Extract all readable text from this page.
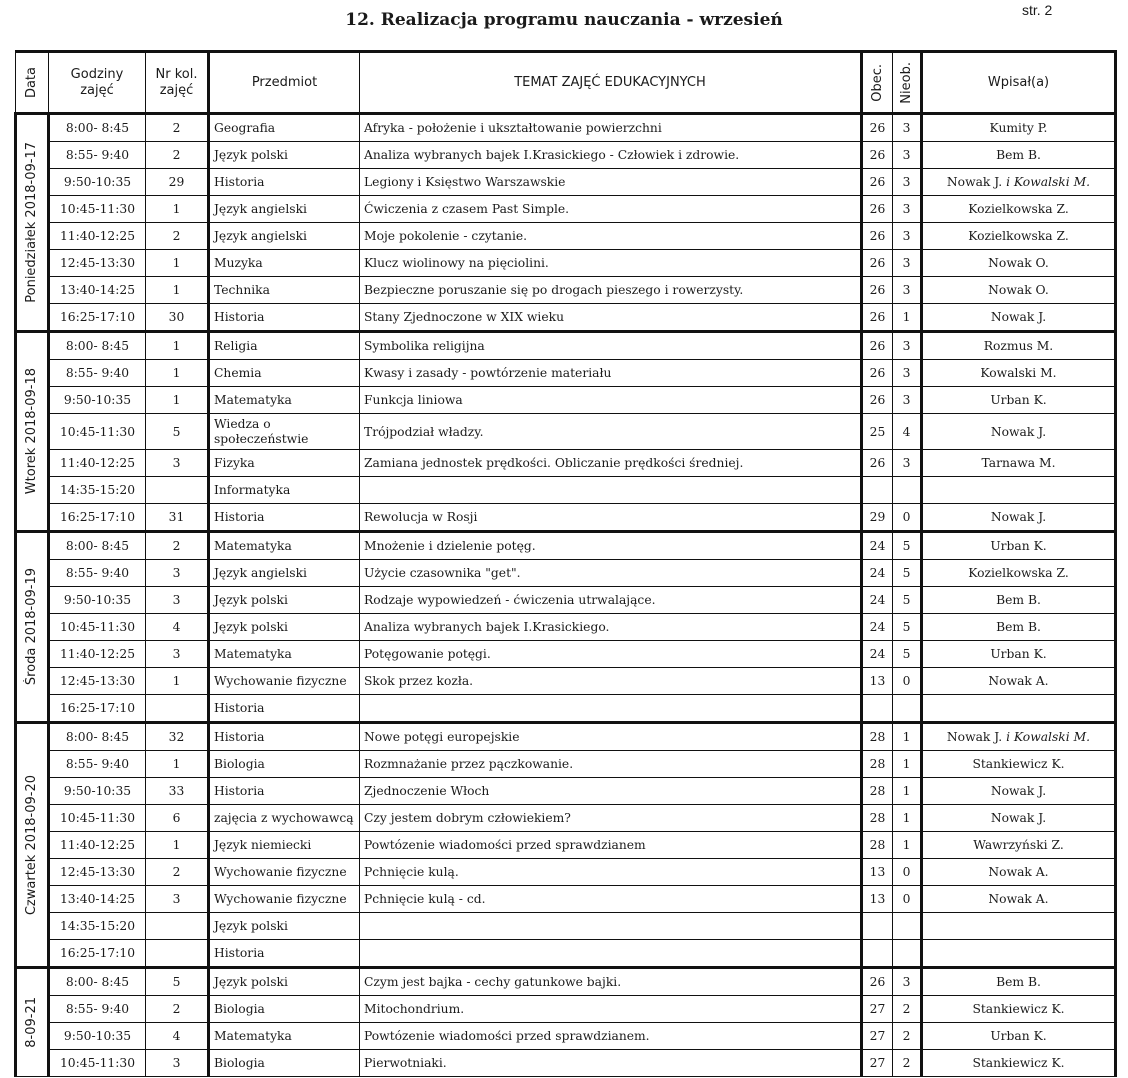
str. 2
12. Realizacja programu nauczania - wrzesień
Data	Godziny zajęć	Nr kol. zajęć	Przedmiot	TEMAT ZAJĘĆ EDUKACYJNYCH	Obec.	Nieob.	Wpisał(a)

Poniedziałek 2018-09-17	8:00- 8:45	2	Geografia	Afryka - położenie i ukształtowanie powierzchni	26	3	Kumity P.
	8:55- 9:40	2	Język polski	Analiza wybranych bajek I.Krasickiego - Człowiek i zdrowie.	26	3	Bem B.
	9:50-10:35	29	Historia	Legiony i Księstwo Warszawskie	26	3	Nowak J. i Kowalski M.
	10:45-11:30	1	Język angielski	Ćwiczenia z czasem Past Simple.	26	3	Kozielkowska Z.
	11:40-12:25	2	Język angielski	Moje pokolenie - czytanie.	26	3	Kozielkowska Z.
	12:45-13:30	1	Muzyka	Klucz wiolinowy na pięciolini.	26	3	Nowak O.
	13:40-14:25	1	Technika	Bezpieczne poruszanie się po drogach pieszego i rowerzysty.	26	3	Nowak O.
	16:25-17:10	30	Historia	Stany Zjednoczone w XIX wieku	26	1	Nowak J.

Wtorek 2018-09-18	8:00- 8:45	1	Religia	Symbolika religijna	26	3	Rozmus M.
	8:55- 9:40	1	Chemia	Kwasy i zasady - powtórzenie materiału	26	3	Kowalski M.
	9:50-10:35	1	Matematyka	Funkcja liniowa	26	3	Urban K.
	10:45-11:30	5	Wiedza o społeczeństwie	Trójpodział władzy.	25	4	Nowak J.
	11:40-12:25	3	Fizyka	Zamiana jednostek prędkości. Obliczanie prędkości średniej.	26	3	Tarnawa M.
	14:35-15:20		Informatyka				
	16:25-17:10	31	Historia	Rewolucja w Rosji	29	0	Nowak J.

Środa 2018-09-19	8:00- 8:45	2	Matematyka	Mnożenie i dzielenie potęg.	24	5	Urban K.
	8:55- 9:40	3	Język angielski	Użycie czasownika "get".	24	5	Kozielkowska Z.
	9:50-10:35	3	Język polski	Rodzaje wypowiedzeń - ćwiczenia utrwalające.	24	5	Bem B.
	10:45-11:30	4	Język polski	Analiza wybranych bajek I.Krasickiego.	24	5	Bem B.
	11:40-12:25	3	Matematyka	Potęgowanie potęgi.	24	5	Urban K.
	12:45-13:30	1	Wychowanie fizyczne	Skok przez kozła.	13	0	Nowak A.
	16:25-17:10		Historia				

Czwartek 2018-09-20	8:00- 8:45	32	Historia	Nowe potęgi europejskie	28	1	Nowak J. i Kowalski M.
	8:55- 9:40	1	Biologia	Rozmnażanie przez pączkowanie.	28	1	Stankiewicz K.
	9:50-10:35	33	Historia	Zjednoczenie Włoch	28	1	Nowak J.
	10:45-11:30	6	zajęcia z wychowawcą	Czy jestem dobrym człowiekiem?	28	1	Nowak J.
	11:40-12:25	1	Język niemiecki	Powtózenie wiadomości przed sprawdzianem	28	1	Wawrzyński Z.
	12:45-13:30	2	Wychowanie fizyczne	Pchnięcie kulą.	13	0	Nowak A.
	13:40-14:25	3	Wychowanie fizyczne	Pchnięcie kulą - cd.	13	0	Nowak A.
	14:35-15:20		Język polski				
	16:25-17:10		Historia				

8-09-21	8:00- 8:45	5	Język polski	Czym jest bajka - cechy gatunkowe bajki.	26	3	Bem B.
	8:55- 9:40	2	Biologia	Mitochondrium.	27	2	Stankiewicz K.
	9:50-10:35	4	Matematyka	Powtózenie wiadomości przed sprawdzianem.	27	2	Urban K.
	10:45-11:30	3	Biologia	Pierwotniaki.	27	2	Stankiewicz K.
